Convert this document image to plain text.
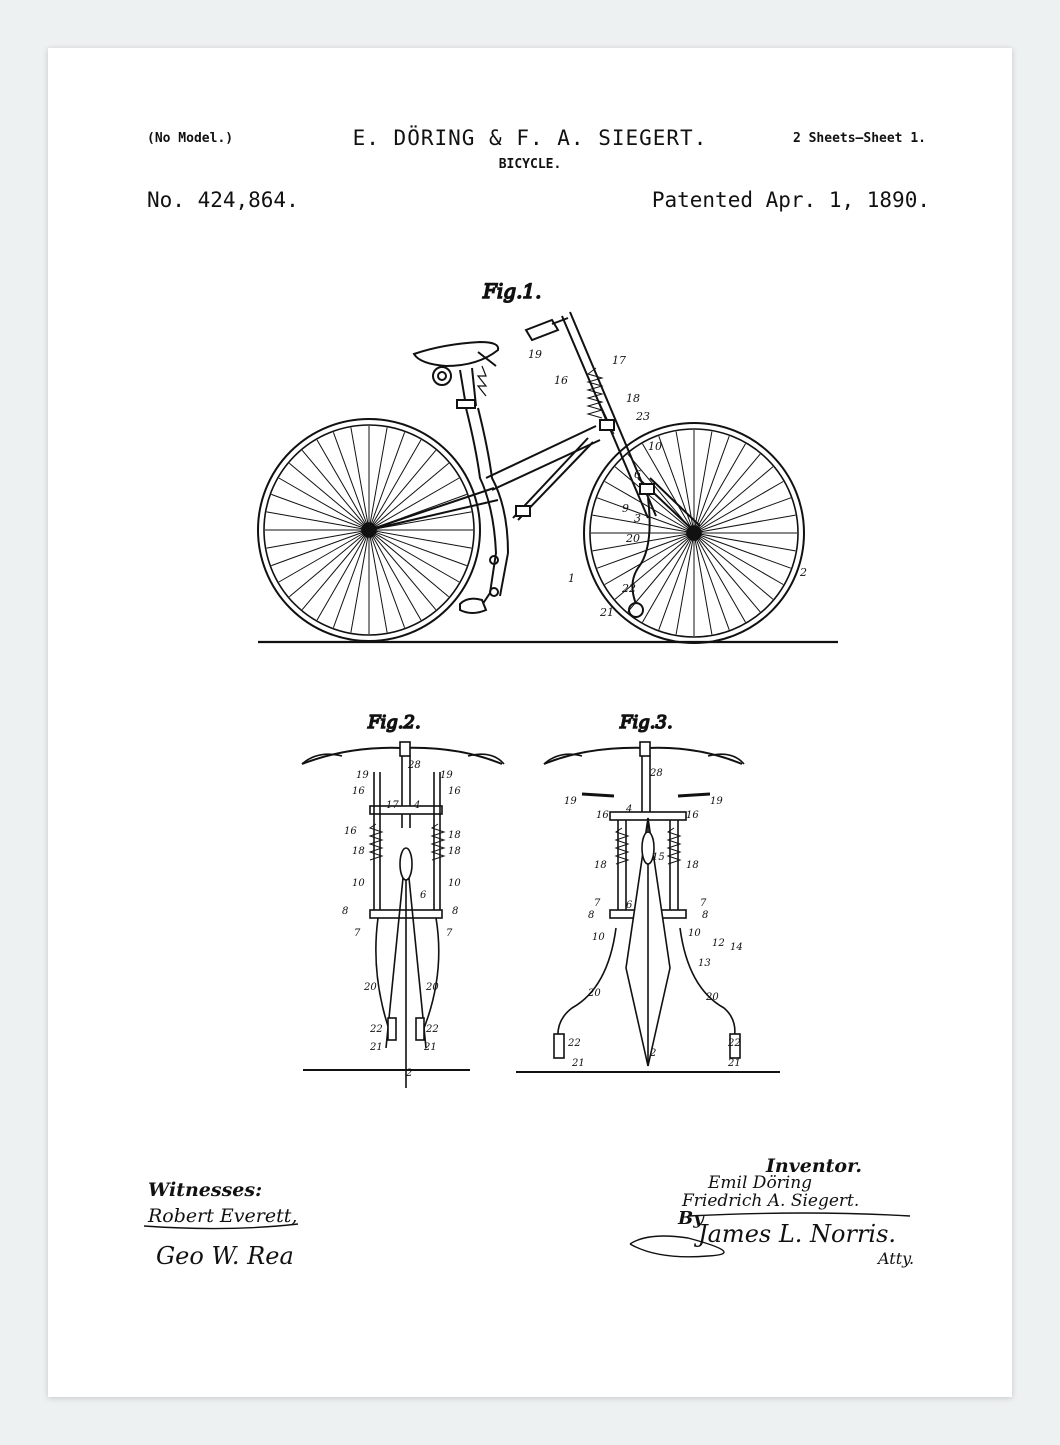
(No Model.)	E. DÖRING & F. A. SIEGERT.
BICYCLE.
2 Sheets—Sheet 1.
No. 424,864.	Patented Apr. 1, 1890.
Fig.1.
19	17
16
18
23
10
6
9
3
20
1
22
21
2
Fig.2.
19
28
19
16
17 4
16
16
18	18
18
10
6
10
8	8
7	7
20	20
22	22
21	21
2
Fig.3.
28
19	19
16
4
16
15
18	18
7
8
6	7
8
10	10
12 14
13
20	20
22	22
21
2
21
Witnesses:
Robert Everett,
Geo W. Rea
Inventor.
Emil Döring
Friedrich A. Siegert.
By
James L. Norris.
Atty.
